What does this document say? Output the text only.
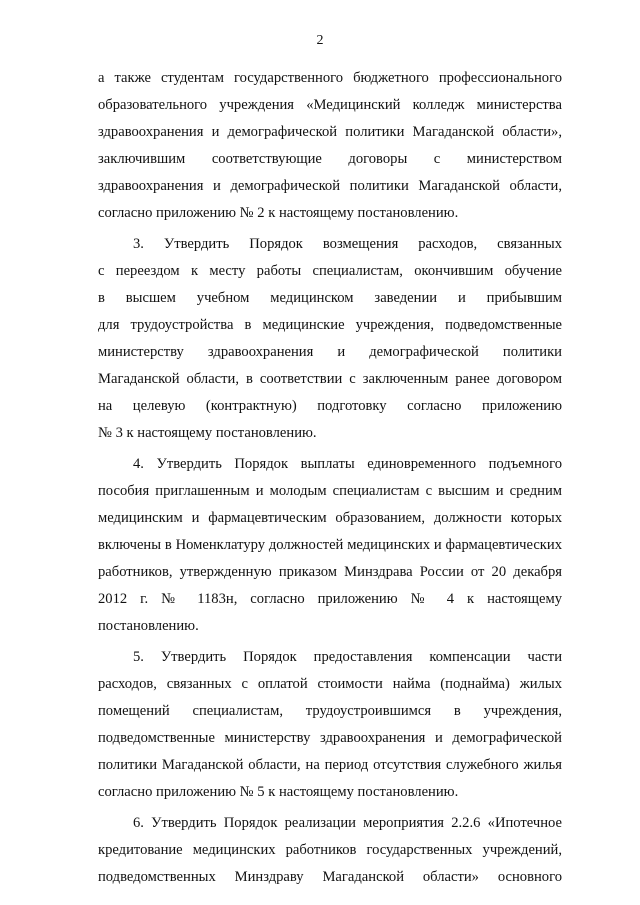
2
а также студентам государственного бюджетного профессионального
образовательного учреждения «Медицинский колледж министерства
здравоохранения и демографической политики Магаданской области»,
заключившим соответствующие договоры с министерством
здравоохранения и демографической политики Магаданской области,
согласно приложению № 2 к настоящему постановлению.
3. Утвердить Порядок возмещения расходов, связанных
с переездом к месту работы специалистам, окончившим обучение
в высшем учебном медицинском заведении и прибывшим
для трудоустройства в медицинские учреждения, подведомственные
министерству здравоохранения и демографической политики
Магаданской области, в соответствии с заключенным ранее договором
на целевую (контрактную) подготовку согласно приложению
№ 3 к настоящему постановлению.
4. Утвердить Порядок выплаты единовременного подъемного
пособия приглашенным и молодым специалистам с высшим и средним
медицинским и фармацевтическим образованием, должности которых
включены в Номенклатуру должностей медицинских и фармацевтических
работников, утвержденную приказом Минздрава России от 20 декабря
2012 г. № 1183н, согласно приложению № 4 к настоящему
постановлению.
5. Утвердить Порядок предоставления компенсации части
расходов, связанных с оплатой стоимости найма (поднайма) жилых
помещений специалистам, трудоустроившимся в учреждения,
подведомственные министерству здравоохранения и демографической
политики Магаданской области, на период отсутствия служебного жилья
согласно приложению № 5 к настоящему постановлению.
6. Утвердить Порядок реализации мероприятия 2.2.6 «Ипотечное
кредитование медицинских работников государственных учреждений,
подведомственных Минздраву Магаданской области» основного
